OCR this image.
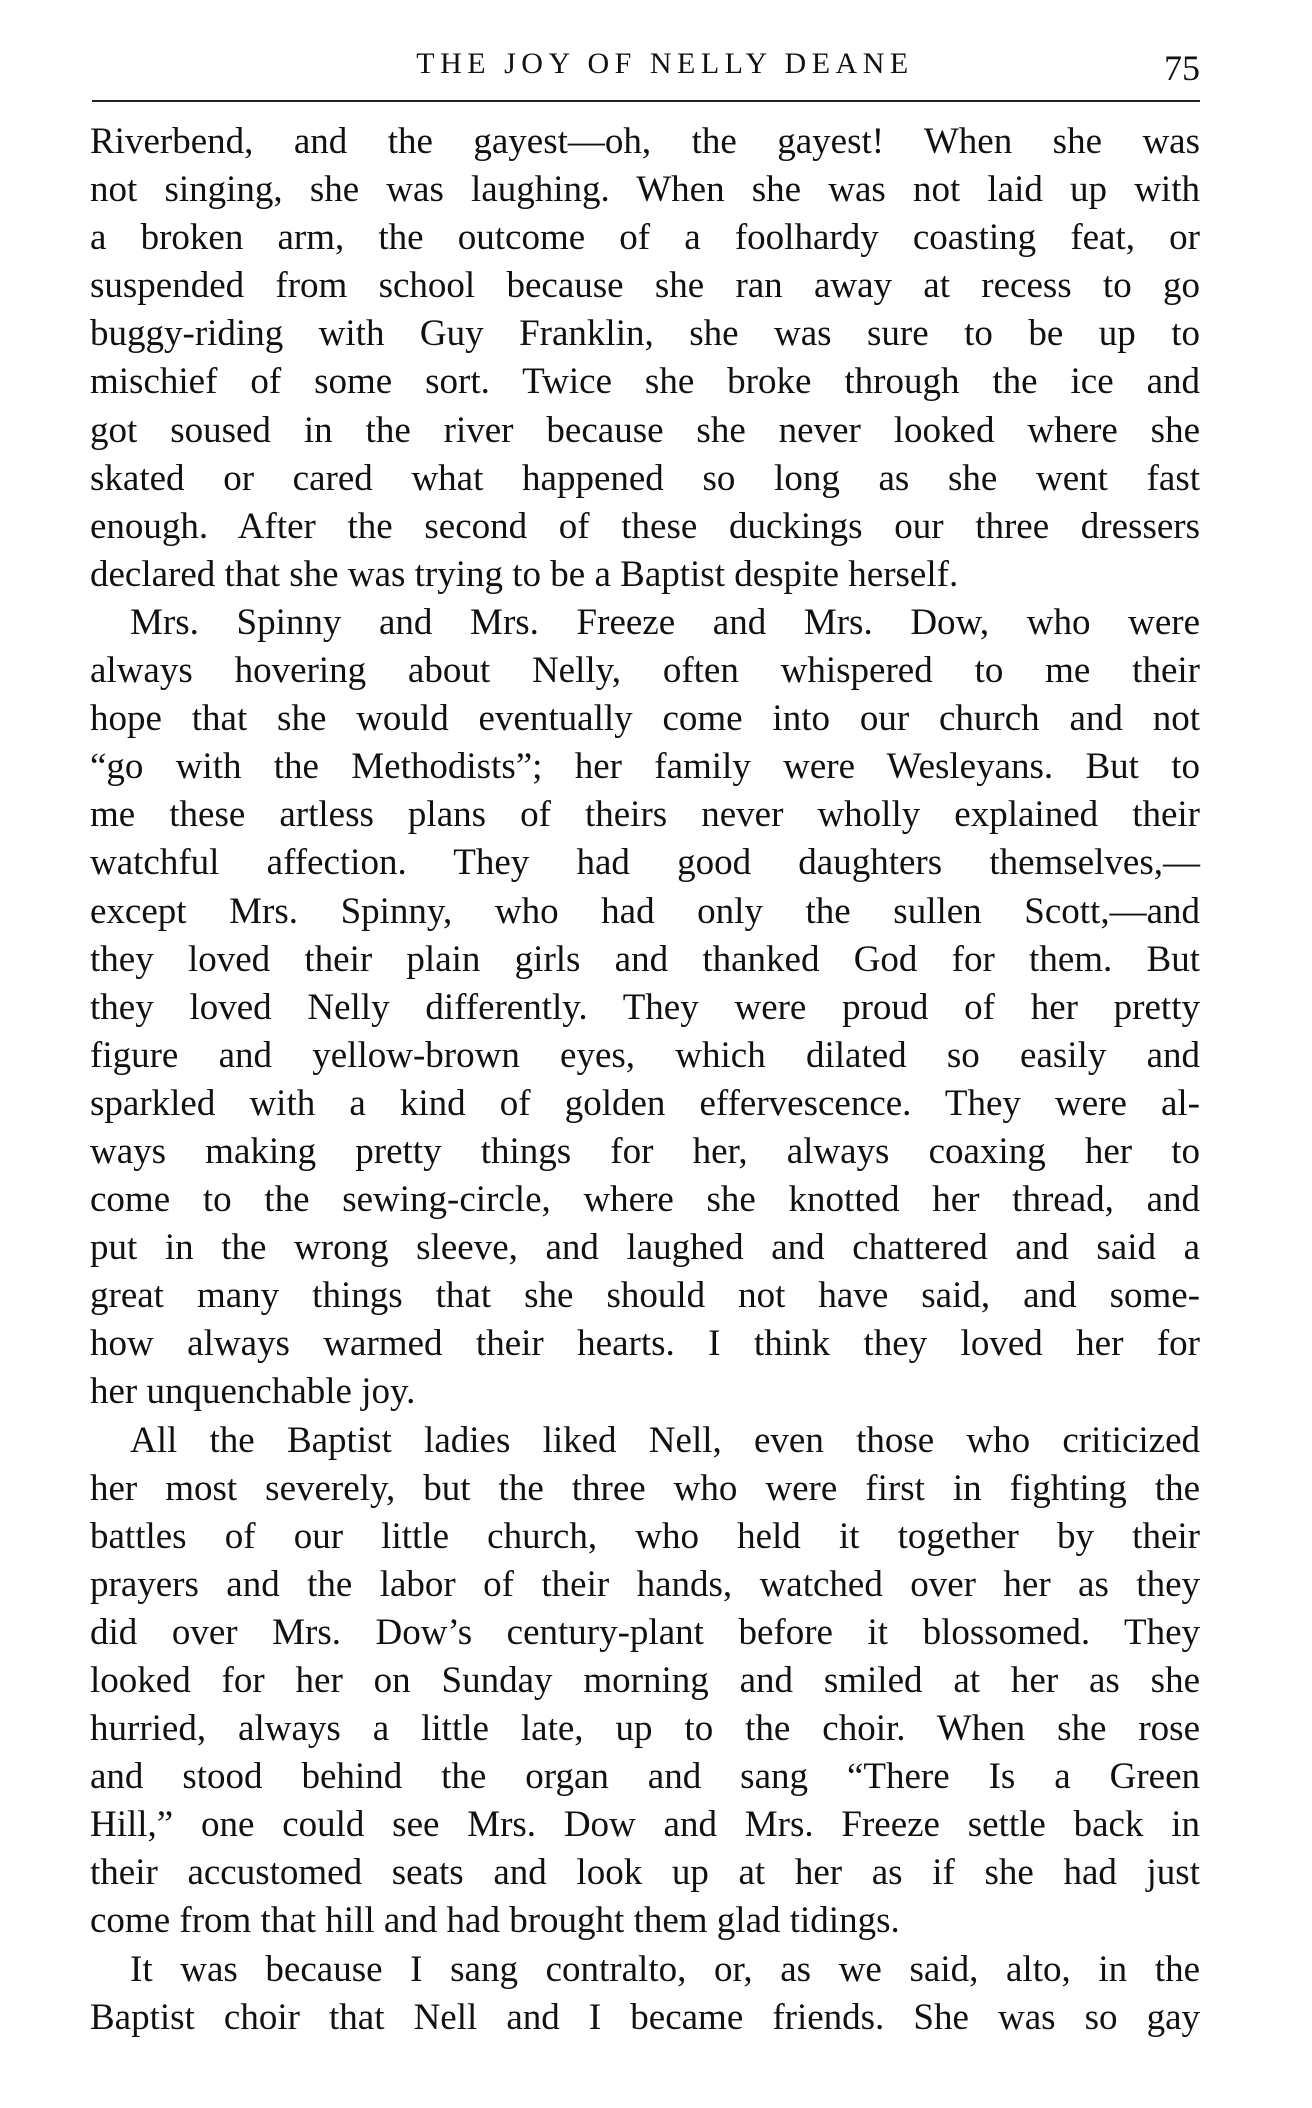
THE JOY OF NELLY DEANE	75

Riverbend, and the gayest—oh, the gayest! When she was
not singing, she was laughing. When she was not laid up with
a broken arm, the outcome of a foolhardy coasting feat, or
suspended from school because she ran away at recess to go
buggy-riding with Guy Franklin, she was sure to be up to
mischief of some sort. Twice she broke through the ice and
got soused in the river because she never looked where she
skated or cared what happened so long as she went fast
enough. After the second of these duckings our three dressers
declared that she was trying to be a Baptist despite herself.

Mrs. Spinny and Mrs. Freeze and Mrs. Dow, who were
always hovering about Nelly, often whispered to me their
hope that she would eventually come into our church and not
“go with the Methodists”; her family were Wesleyans. But to
me these artless plans of theirs never wholly explained their
watchful affection. They had good daughters themselves,—
except Mrs. Spinny, who had only the sullen Scott,—and
they loved their plain girls and thanked God for them. But
they loved Nelly differently. They were proud of her pretty
figure and yellow-brown eyes, which dilated so easily and
sparkled with a kind of golden effervescence. They were al-
ways making pretty things for her, always coaxing her to
come to the sewing-circle, where she knotted her thread, and
put in the wrong sleeve, and laughed and chattered and said a
great many things that she should not have said, and some-
how always warmed their hearts. I think they loved her for
her unquenchable joy.

All the Baptist ladies liked Nell, even those who criticized
her most severely, but the three who were first in fighting the
battles of our little church, who held it together by their
prayers and the labor of their hands, watched over her as they
did over Mrs. Dow’s century-plant before it blossomed. They
looked for her on Sunday morning and smiled at her as she
hurried, always a little late, up to the choir. When she rose
and stood behind the organ and sang “There Is a Green
Hill,” one could see Mrs. Dow and Mrs. Freeze settle back in
their accustomed seats and look up at her as if she had just
come from that hill and had brought them glad tidings.

It was because I sang contralto, or, as we said, alto, in the
Baptist choir that Nell and I became friends. She was so gay
